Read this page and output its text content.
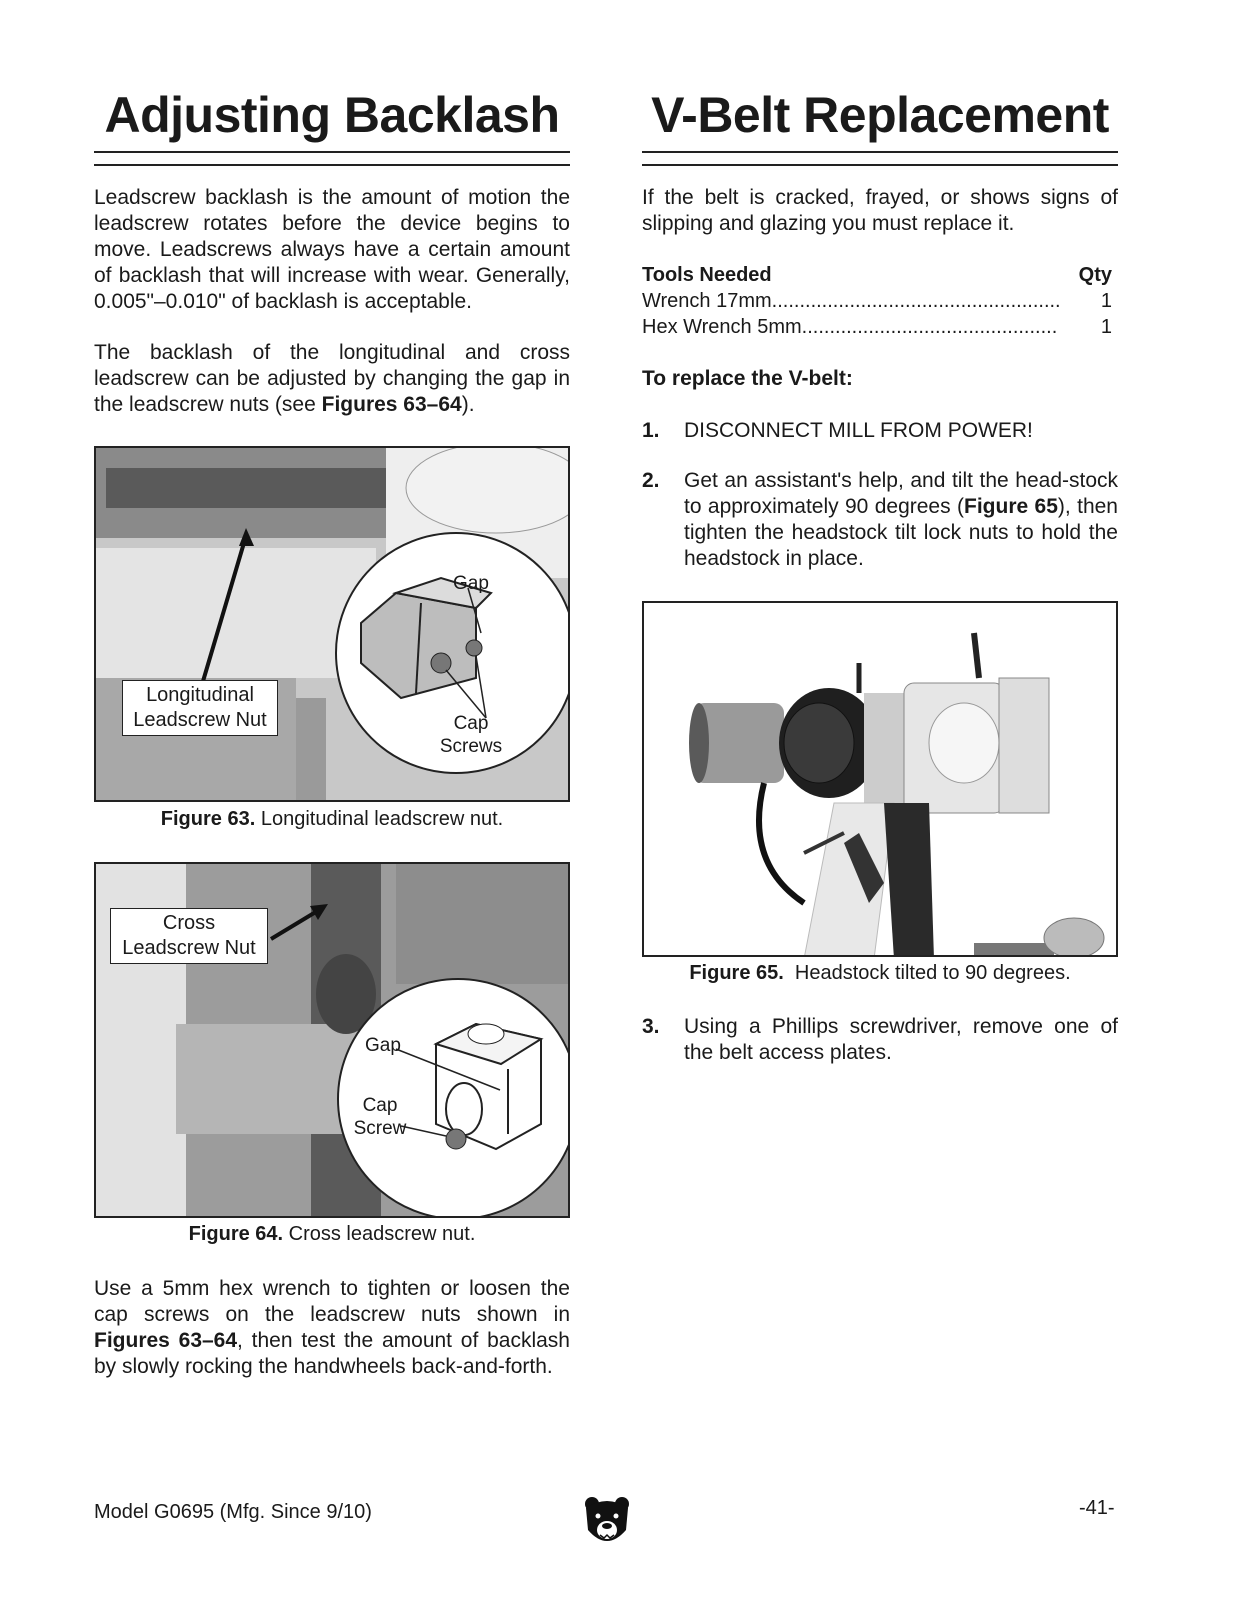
Adjusting Backlash

Leadscrew backlash is the amount of motion the leadscrew rotates before the device begins to move. Leadscrews always have a certain amount of backlash that will increase with wear. Generally, 0.005"–0.010" of backlash is acceptable.

The backlash of the longitudinal and cross leadscrew can be adjusted by changing the gap in the leadscrew nuts (see Figures 63–64).

Longitudinal
Leadscrew Nut
Gap
Cap
Screws
Figure 63. Longitudinal leadscrew nut.
Cross
Leadscrew Nut
Gap
Cap
Screw
Figure 64. Cross leadscrew nut.

Use a 5mm hex wrench to tighten or loosen the cap screws on the leadscrew nuts shown in Figures 63–64, then test the amount of backlash by slowly rocking the handwheels back-and-forth.

V-Belt Replacement

If the belt is cracked, frayed, or shows signs of slipping and glazing you must replace it.

Tools Needed	Qty
Wrench 17mm.................................................... 1
Hex Wrench 5mm.............................................. 1
To replace the V-belt:
1. DISCONNECT MILL FROM POWER!
2. Get an assistant's help, and tilt the head-stock to approximately 90 degrees (Figure 65), then tighten the headstock tilt lock nuts to hold the headstock in place.
Figure 65.  Headstock tilted to 90 degrees.
3. Using a Phillips screwdriver, remove one of the belt access plates.
Model G0695 (Mfg. Since 9/10)	-41-
